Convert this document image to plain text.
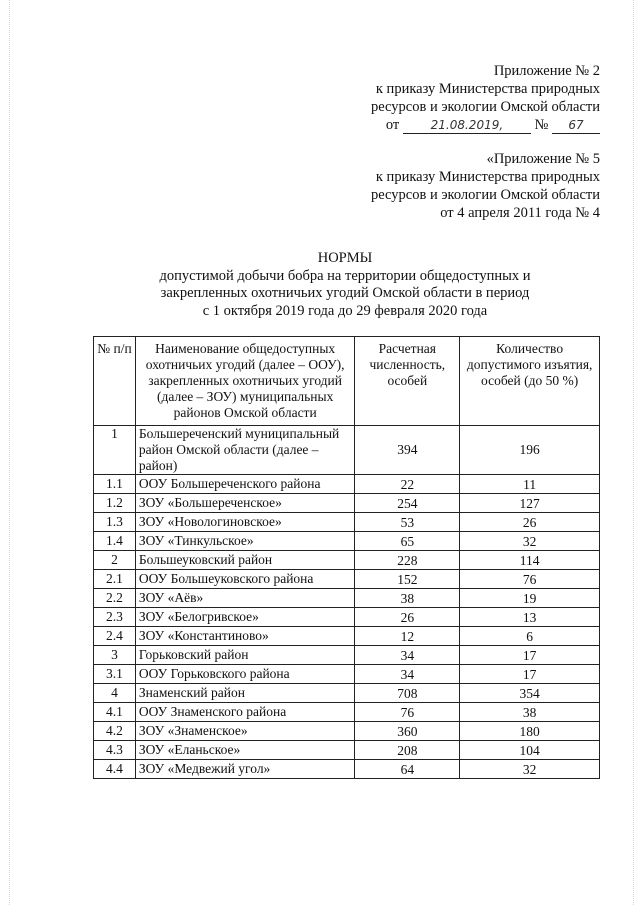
Приложение № 2
к приказу Министерства природных
ресурсов и экологии Омской области
от	21.08.2019, № 67
«Приложение № 5
к приказу Министерства природных
ресурсов и экологии Омской области
от 4 апреля 2011 года № 4
НОРМЫ
допустимой добычи бобра на территории общедоступных и
закрепленных охотничьих угодий Омской области в период
с 1 октября 2019 года до 29 февраля 2020 года
№ п/п	Наименование общедоступных охотничьих угодий (далее – ООУ), закрепленных охотничьих угодий (далее – ЗОУ) муниципальных районов Омской области	Расчетная численность, особей	Количество допустимого изъятия, особей (до 50 %)
1	Большереченский муниципальный район Омской области (далее – район)	394	196
1.1	ООУ Большереченского района	22	11
1.2	ЗОУ «Большереченское»	254	127
1.3	ЗОУ «Новологиновское»	53	26
1.4	ЗОУ «Тинкульское»	65	32
2	Большеуковский район	228	114
2.1	ООУ Большеуковского района	152	76
2.2	ЗОУ «Аёв»	38	19
2.3	ЗОУ «Белогривское»	26	13
2.4	ЗОУ «Константиново»	12	6
3	Горьковский район	34	17
3.1	ООУ Горьковского района	34	17
4	Знаменский район	708	354
4.1	ООУ Знаменского района	76	38
4.2	ЗОУ «Знаменское»	360	180
4.3	ЗОУ «Еланьское»	208	104
4.4	ЗОУ «Медвежий угол»	64	32
